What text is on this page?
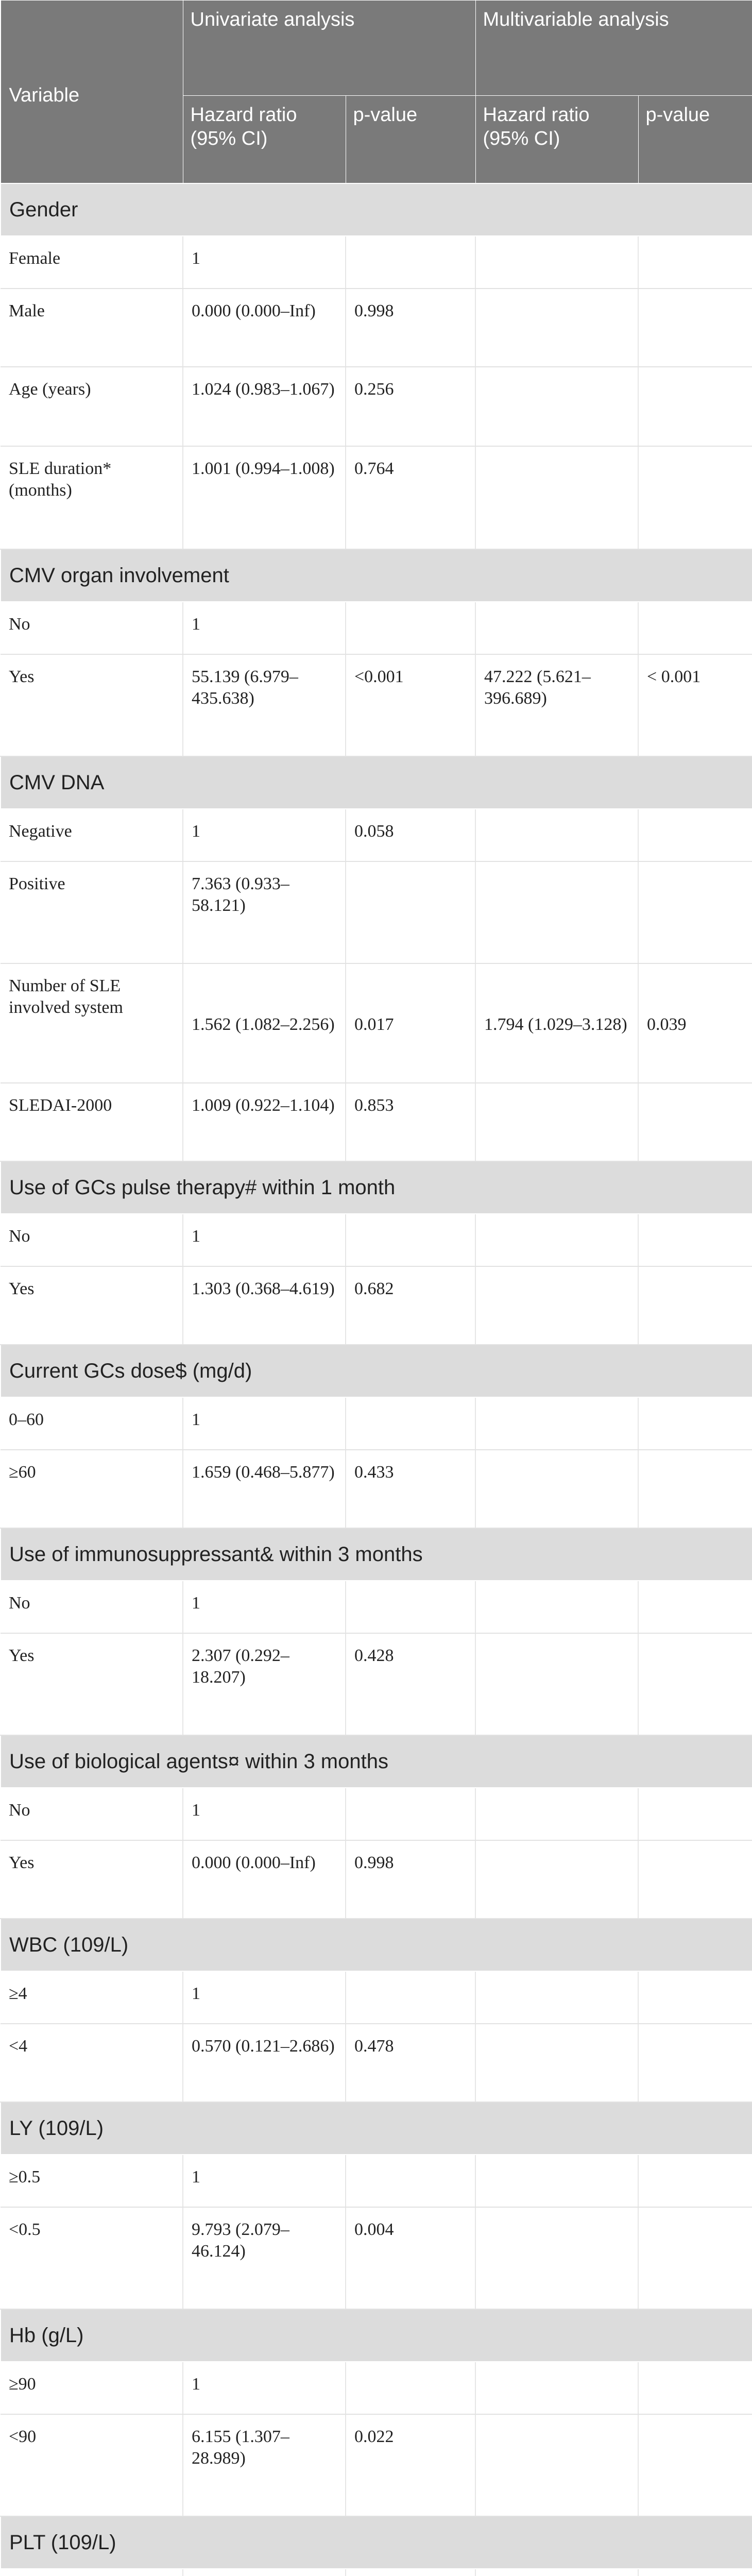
Variable	Univariate analysis		Multivariable analysis	
	Hazard ratio (95% CI)	p-value	Hazard ratio (95% CI)	p-value
Gender				
Female	1			
Male	0.000 (0.000–Inf)	0.998		
Age (years)	1.024 (0.983–1.067)	0.256		
SLE duration* (months)	1.001 (0.994–1.008)	0.764		
CMV organ involvement				
No	1			
Yes	55.139 (6.979–435.638)	<0.001	47.222 (5.621–396.689)	< 0.001
CMV DNA				
Negative	1	0.058		
Positive	7.363 (0.933–58.121)			
Number of SLE involved system	1.562 (1.082–2.256)	0.017	1.794 (1.029–3.128)	0.039
SLEDAI-2000	1.009 (0.922–1.104)	0.853		
Use of GCs pulse therapy# within 1 month				
No	1			
Yes	1.303 (0.368–4.619)	0.682		
Current GCs dose$ (mg/d)				
0–60	1			
≥60	1.659 (0.468–5.877)	0.433		
Use of immunosuppressant& within 3 months				
No	1			
Yes	2.307 (0.292–18.207)	0.428		
Use of biological agents¤ within 3 months				
No	1			
Yes	0.000 (0.000–Inf)	0.998		
WBC (109/L)				
≥4	1			
<4	0.570 (0.121–2.686)	0.478		
LY (109/L)				
≥0.5	1			
<0.5	9.793 (2.079–46.124)	0.004		
Hb (g/L)				
≥90	1			
<90	6.155 (1.307–28.989)	0.022		
PLT (109/L)				
